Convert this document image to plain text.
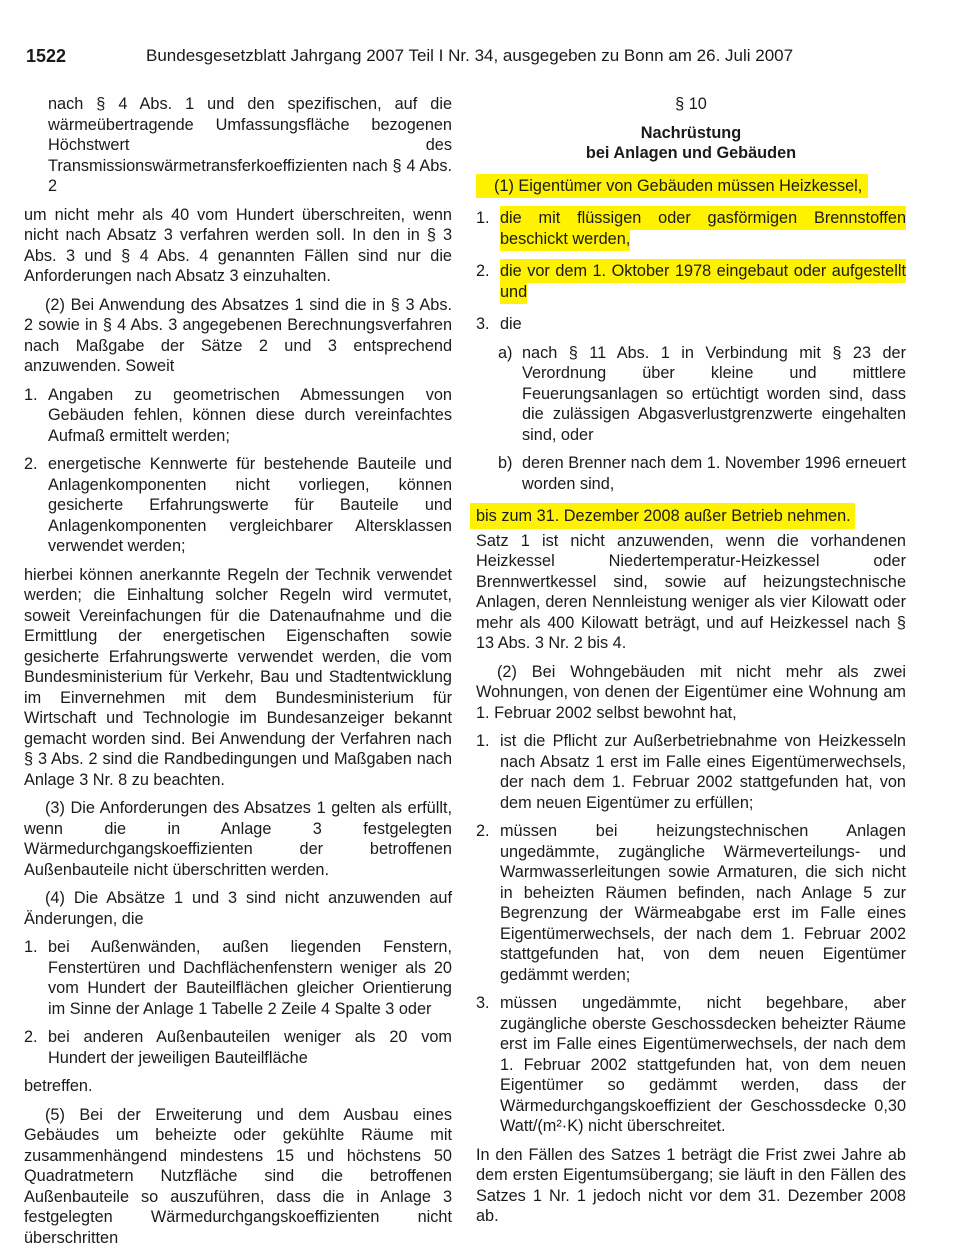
1522	Bundesgesetzblatt Jahrgang 2007 Teil I Nr. 34, ausgegeben zu Bonn am 26. Juli 2007

nach § 4 Abs. 1 und den spezifischen, auf die wärmeübertragende Umfassungsfläche bezogenen Höchstwert des Transmissionswärmetransferkoeffizienten nach § 4 Abs. 2

um nicht mehr als 40 vom Hundert überschreiten, wenn nicht nach Absatz 3 verfahren werden soll. In den in § 3 Abs. 3 und § 4 Abs. 4 genannten Fällen sind nur die Anforderungen nach Absatz 3 einzuhalten.

(2) Bei Anwendung des Absatzes 1 sind die in § 3 Abs. 2 sowie in § 4 Abs. 3 angegebenen Berechnungsverfahren nach Maßgabe der Sätze 2 und 3 entsprechend anzuwenden. Soweit

1. Angaben zu geometrischen Abmessungen von Gebäuden fehlen, können diese durch vereinfachtes Aufmaß ermittelt werden;
2. energetische Kennwerte für bestehende Bauteile und Anlagenkomponenten nicht vorliegen, können gesicherte Erfahrungswerte für Bauteile und Anlagenkomponenten vergleichbarer Altersklassen verwendet werden;

hierbei können anerkannte Regeln der Technik verwendet werden; die Einhaltung solcher Regeln wird vermutet, soweit Vereinfachungen für die Datenaufnahme und die Ermittlung der energetischen Eigenschaften sowie gesicherte Erfahrungswerte verwendet werden, die vom Bundesministerium für Verkehr, Bau und Stadtentwicklung im Einvernehmen mit dem Bundesministerium für Wirtschaft und Technologie im Bundesanzeiger bekannt gemacht worden sind. Bei Anwendung der Verfahren nach § 3 Abs. 2 sind die Randbedingungen und Maßgaben nach Anlage 3 Nr. 8 zu beachten.

(3) Die Anforderungen des Absatzes 1 gelten als erfüllt, wenn die in Anlage 3 festgelegten Wärmedurchgangskoeffizienten der betroffenen Außenbauteile nicht überschritten werden.

(4) Die Absätze 1 und 3 sind nicht anzuwenden auf Änderungen, die

1. bei Außenwänden, außen liegenden Fenstern, Fenstertüren und Dachflächenfenstern weniger als 20 vom Hundert der Bauteilflächen gleicher Orientierung im Sinne der Anlage 1 Tabelle 2 Zeile 4 Spalte 3 oder
2. bei anderen Außenbauteilen weniger als 20 vom Hundert der jeweiligen Bauteilfläche

betreffen.

(5) Bei der Erweiterung und dem Ausbau eines Gebäudes um beheizte oder gekühlte Räume mit zusammenhängend mindestens 15 und höchstens 50 Quadratmetern Nutzfläche sind die betroffenen Außenbauteile so auszuführen, dass die in Anlage 3 festgelegten Wärmedurchgangskoeffizienten nicht überschritten

§ 10

Nachrüstung

bei Anlagen und Gebäuden

(1) Eigentümer von Gebäuden müssen Heizkessel,

1. die mit flüssigen oder gasförmigen Brennstoffen beschickt werden,
2. die vor dem 1. Oktober 1978 eingebaut oder aufgestellt und
3. die
a) nach § 11 Abs. 1 in Verbindung mit § 23 der Verordnung über kleine und mittlere Feuerungsanlagen so ertüchtigt worden sind, dass die zulässigen Abgasverlustgrenzwerte eingehalten sind, oder
b) deren Brenner nach dem 1. November 1996 erneuert worden sind,

bis zum 31. Dezember 2008 außer Betrieb nehmen.

Satz 1 ist nicht anzuwenden, wenn die vorhandenen Heizkessel Niedertemperatur-Heizkessel oder Brennwertkessel sind, sowie auf heizungstechnische Anlagen, deren Nennleistung weniger als vier Kilowatt oder mehr als 400 Kilowatt beträgt, und auf Heizkessel nach § 13 Abs. 3 Nr. 2 bis 4.

(2) Bei Wohngebäuden mit nicht mehr als zwei Wohnungen, von denen der Eigentümer eine Wohnung am 1. Februar 2002 selbst bewohnt hat,

1. ist die Pflicht zur Außerbetriebnahme von Heizkesseln nach Absatz 1 erst im Falle eines Eigentümerwechsels, der nach dem 1. Februar 2002 stattgefunden hat, von dem neuen Eigentümer zu erfüllen;
2. müssen bei heizungstechnischen Anlagen ungedämmte, zugängliche Wärmeverteilungs- und Warmwasserleitungen sowie Armaturen, die sich nicht in beheizten Räumen befinden, nach Anlage 5 zur Begrenzung der Wärmeabgabe erst im Falle eines Eigentümerwechsels, der nach dem 1. Februar 2002 stattgefunden hat, von dem neuen Eigentümer gedämmt werden;
3. müssen ungedämmte, nicht begehbare, aber zugängliche oberste Geschossdecken beheizter Räume erst im Falle eines Eigentümerwechsels, der nach dem 1. Februar 2002 stattgefunden hat, von dem neuen Eigentümer so gedämmt werden, dass der Wärmedurchgangskoeffizient der Geschossdecke 0,30 Watt/(m²·K) nicht überschreitet.

In den Fällen des Satzes 1 beträgt die Frist zwei Jahre ab dem ersten Eigentumsübergang; sie läuft in den Fällen des Satzes 1 Nr. 1 jedoch nicht vor dem 31. Dezember 2008 ab.
